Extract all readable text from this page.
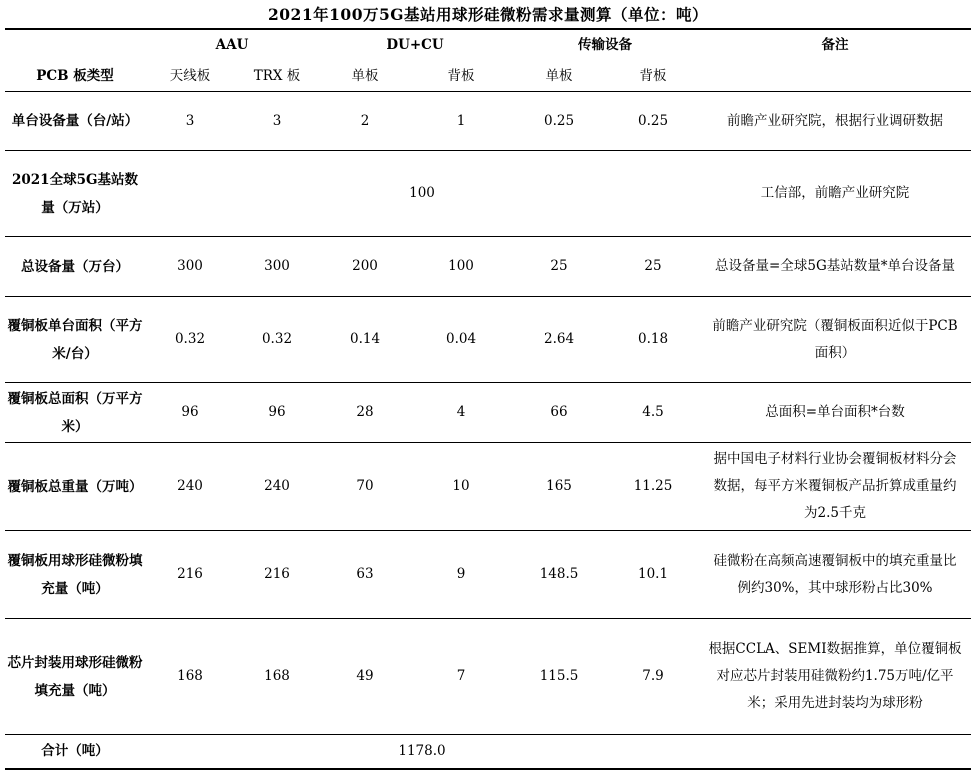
2021年100万5G基站用球形硅微粉需求量测算（单位：吨）
	AAU		DU+CU		传输设备		备注
PCB 板类型	天线板	TRX 板	单板	背板	单板	背板	
单台设备量（台/站）	3	3	2	1	0.25	0.25	前瞻产业研究院，根据行业调研数据
2021全球5G基站数量（万站）	100						工信部，前瞻产业研究院
总设备量（万台）	300	300	200	100	25	25	总设备量=全球5G基站数量*单台设备量
覆铜板单台面积（平方米/台）	0.32	0.32	0.14	0.04	2.64	0.18	前瞻产业研究院（覆铜板面积近似于PCB面积）
覆铜板总面积（万平方米）	96	96	28	4	66	4.5	总面积=单台面积*台数
覆铜板总重量（万吨）	240	240	70	10	165	11.25	据中国电子材料行业协会覆铜板材料分会数据，每平方米覆铜板产品折算成重量约为2.5千克
覆铜板用球形硅微粉填充量（吨）	216	216	63	9	148.5	10.1	硅微粉在高频高速覆铜板中的填充重量比例约30%，其中球形粉占比30%
芯片封装用球形硅微粉填充量（吨）	168	168	49	7	115.5	7.9	根据CCLA、SEMI数据推算，单位覆铜板对应芯片封装用硅微粉约1.75万吨/亿平米；采用先进封装均为球形粉
合计（吨）	1178.0						
